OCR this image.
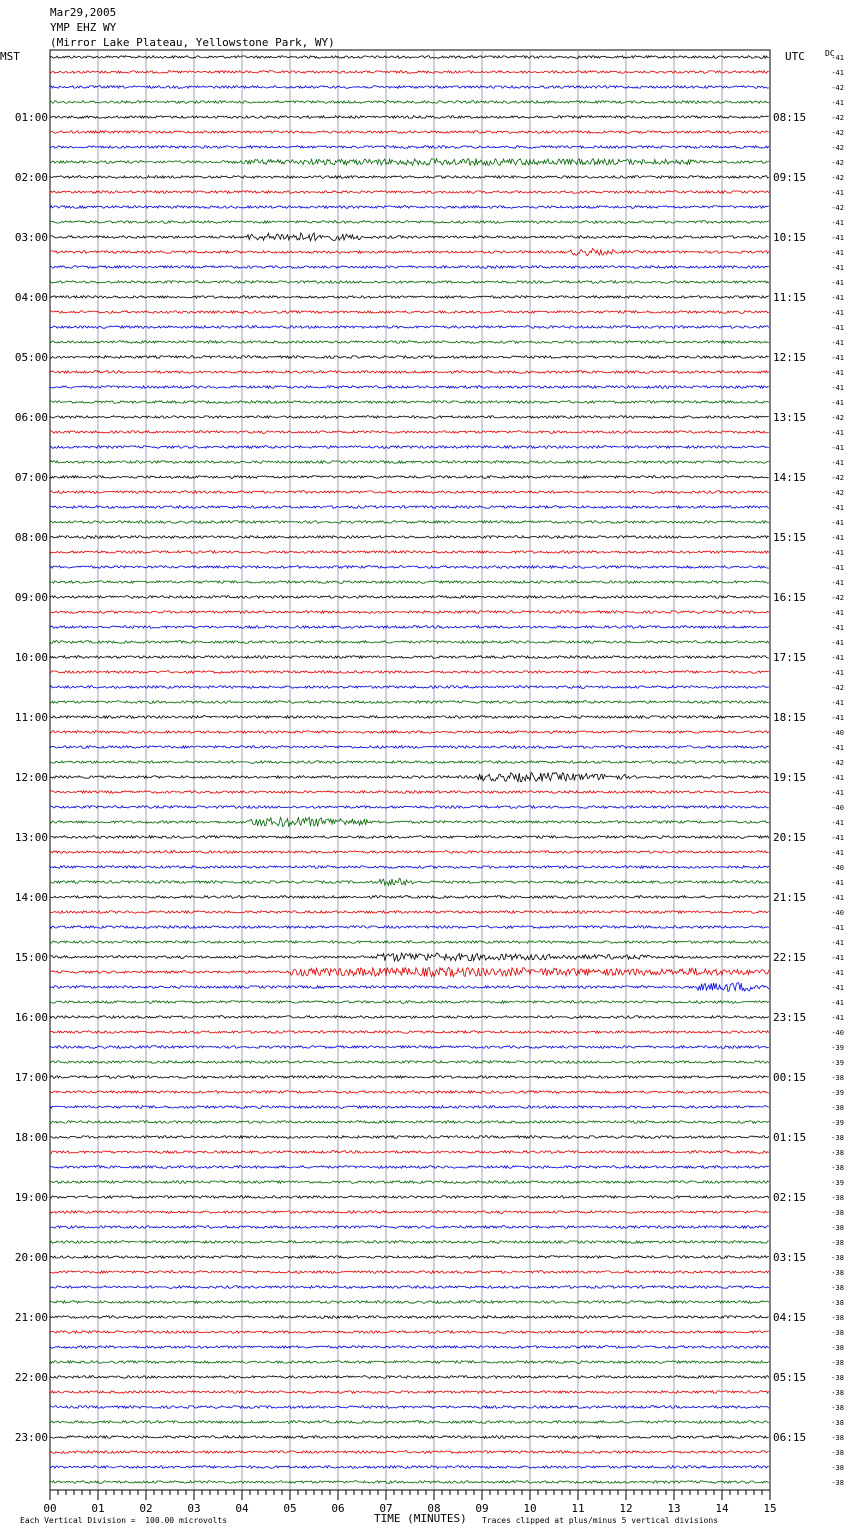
Mar29,2005
YMP EHZ WY
(Mirror Lake Plateau, Yellowstone Park, WY)
MST	UTC	DC
-41
-41
-42
-41
-42
-42
-42
-42
-42
-41
-42
-41
-41
-41
-41
-41
-41
-41
-41
-41
-41
-41
-41
-41
-42
-41
-41
-41
-42
-42
-41
-41
-41
-41
-41
-41
-42
-41
-41
-41
-41
-41
-42
-41
-41
-40
-41
-42
-41
-41
-40
-41
-41
-41
-40
-41
-41
-40
-41
-41
-41
-41
-41
-41
-41
-40
-39
-39
-38
-39
-38
-39
-38
-38
-38
-39
-38
-38
-38
-38
-38
-38
-38
-38
-38
-38
-38
-38
-38
-38
-38
-38
-38
-38
-38
-38
01:00	08:15
02:00	09:15
03:00	10:15
04:00	11:15
05:00	12:15
06:00	13:15
07:00	14:15
08:00	15:15
09:00	16:15
10:00	17:15
11:00	18:15
12:00	19:15
13:00	20:15
14:00	21:15
15:00	22:15
16:00	23:15
17:00	00:15
18:00	01:15
19:00	02:15
20:00	03:15
21:00	04:15
22:00	05:15
23:00	06:15
00	01	02	03	04	05	06	07	08	09	10	11	12	13	14	15
Each Vertical Division =  100.00 microvolts	TIME (MINUTES) Traces clipped at plus/minus 5 vertical divisions
